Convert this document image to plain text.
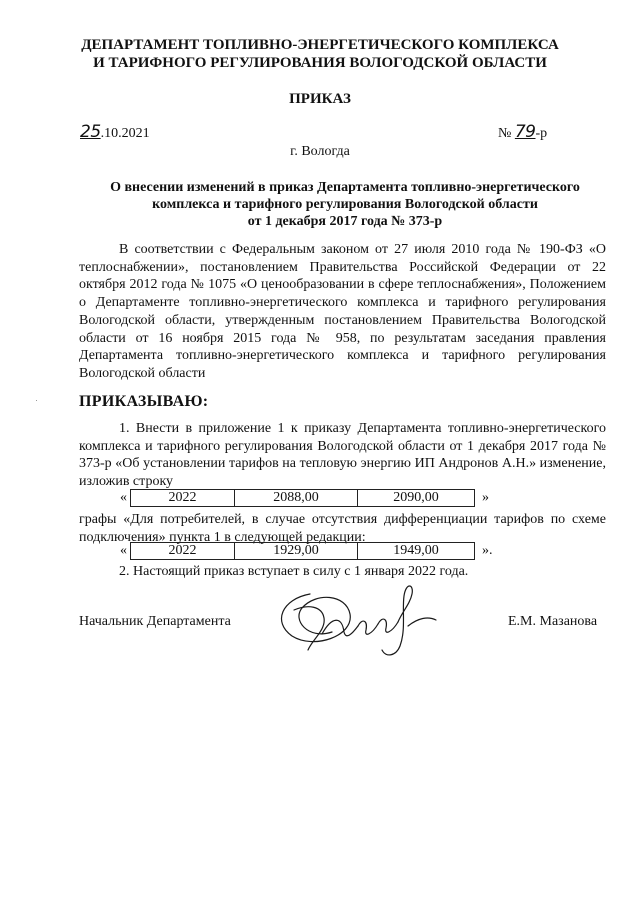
ДЕПАРТАМЕНТ ТОПЛИВНО-ЭНЕРГЕТИЧЕСКОГО КОМПЛЕКСА
И ТАРИФНОГО РЕГУЛИРОВАНИЯ ВОЛОГОДСКОЙ ОБЛАСТИ
ПРИКАЗ
25.10.2021	№ 79-р
г. Вологда
О внесении изменений в приказ Департамента топливно-энергетического
комплекса и тарифного регулирования Вологодской области
от 1 декабря 2017 года № 373-р
В соответствии с Федеральным законом от 27 июля 2010 года № 190-ФЗ «О теплоснабжении», постановлением Правительства Российской Федерации от 22 октября 2012 года № 1075 «О ценообразовании в сфере теплоснабжения», Положением о Департаменте топливно-энергетического комплекса и тарифного регулирования Вологодской области, утвержденным постановлением Правительства Вологодской области от 16 ноября 2015 года № 958, по результатам заседания правления Департамента топливно-энергетического комплекса и тарифного регулирования Вологодской области
ПРИКАЗЫВАЮ:
1. Внести в приложение 1 к приказу Департамента топливно-энергетического комплекса и тарифного регулирования Вологодской области от 1 декабря 2017 года № 373-р «Об установлении тарифов на тепловую энергию ИП Андронов А.Н.» изменение, изложив строку
«	2022	2088,00	2090,00	»
графы «Для потребителей, в случае отсутствия дифференциации тарифов по схеме подключения» пункта 1 в следующей редакции:
«	2022	1929,00	1949,00	».
2. Настоящий приказ вступает в силу с 1 января 2022 года.
Начальник Департамента	Е.М. Мазанова
